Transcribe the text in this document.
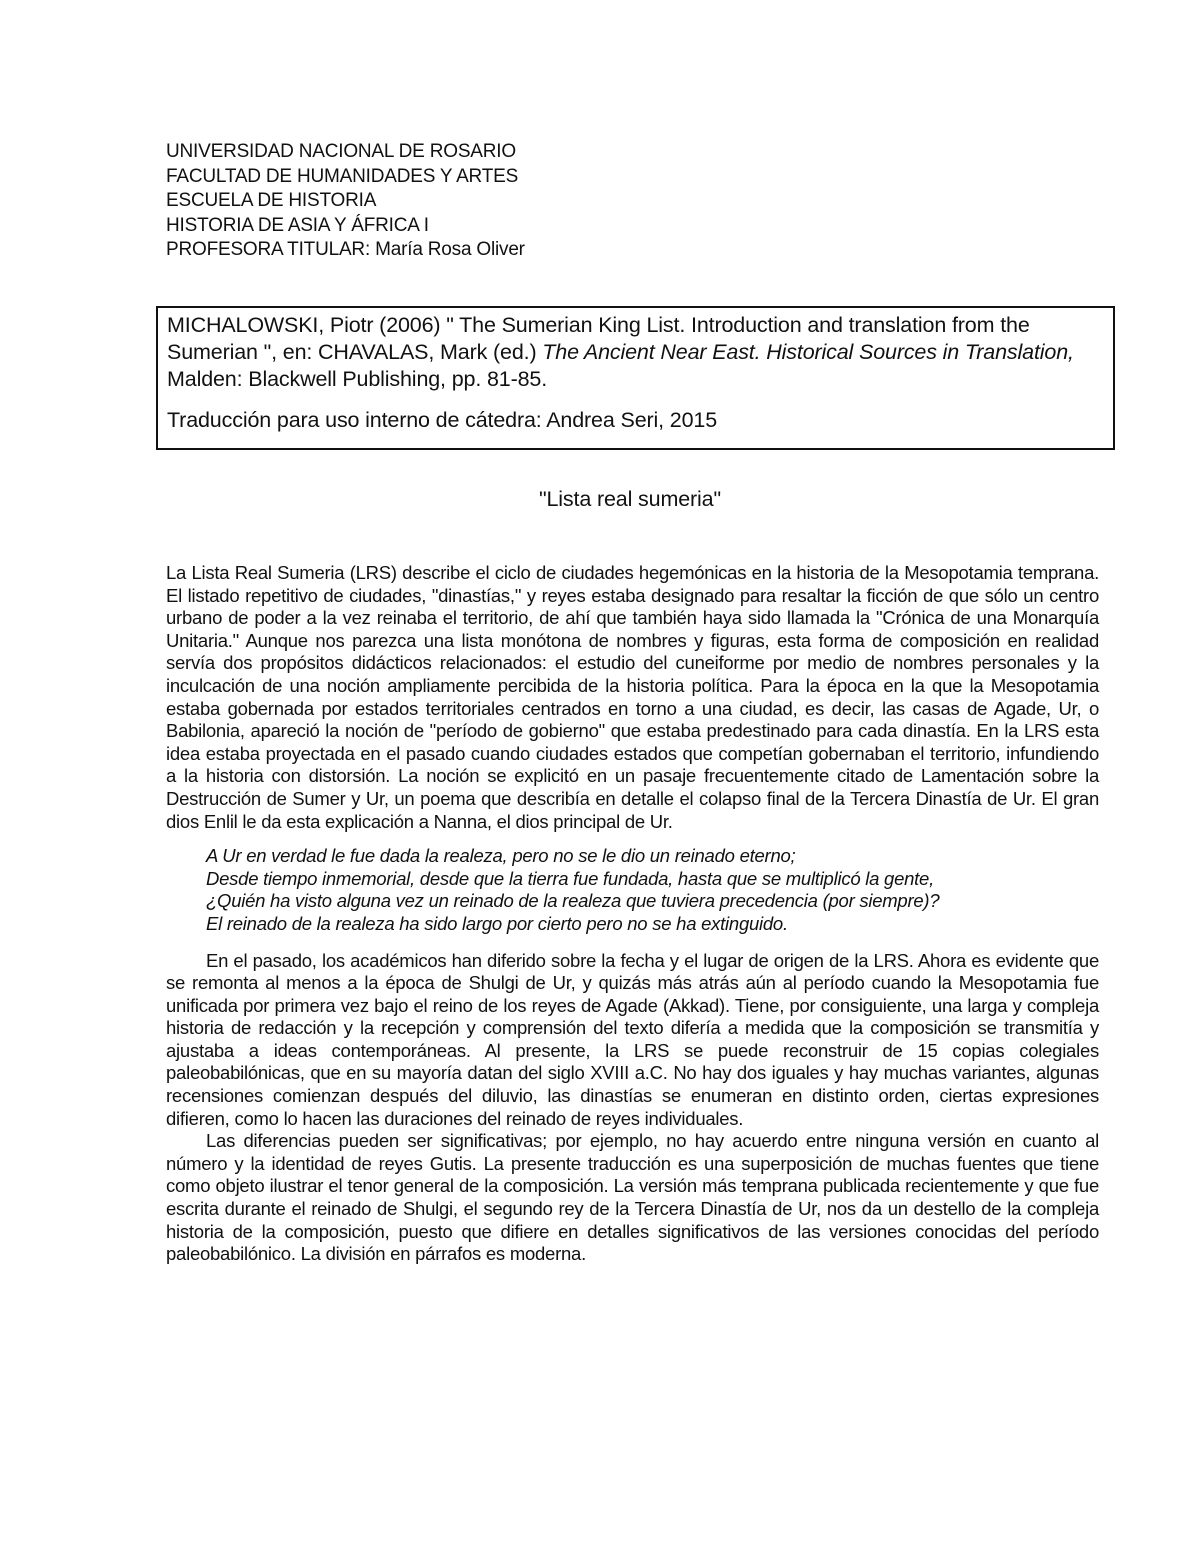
UNIVERSIDAD NACIONAL DE ROSARIO
FACULTAD DE HUMANIDADES Y ARTES
ESCUELA DE HISTORIA
HISTORIA DE ASIA Y ÁFRICA I
PROFESORA TITULAR: María Rosa Oliver

MICHALOWSKI, Piotr (2006) " The Sumerian King List. Introduction and translation from the Sumerian ", en: CHAVALAS, Mark (ed.) The Ancient Near East. Historical Sources in Translation, Malden: Blackwell Publishing, pp. 81-85.

Traducción para uso interno de cátedra: Andrea Seri, 2015

"Lista real sumeria"

La Lista Real Sumeria (LRS) describe el ciclo de ciudades hegemónicas en la historia de la Mesopotamia temprana. El listado repetitivo de ciudades, "dinastías," y reyes estaba designado para resaltar la ficción de que sólo un centro urbano de poder a la vez reinaba el territorio, de ahí que también haya sido llamada la "Crónica de una Monarquía Unitaria." Aunque nos parezca una lista monótona de nombres y figuras, esta forma de composición en realidad servía dos propósitos didácticos relacionados: el estudio del cuneiforme por medio de nombres personales y la inculcación de una noción ampliamente percibida de la historia política. Para la época en la que la Mesopotamia estaba gobernada por estados territoriales centrados en torno a una ciudad, es decir, las casas de Agade, Ur, o Babilonia, apareció la noción de "período de gobierno" que estaba predestinado para cada dinastía. En la LRS esta idea estaba proyectada en el pasado cuando ciudades estados que competían gobernaban el territorio, infundiendo a la historia con distorsión. La noción se explicitó en un pasaje frecuentemente citado de Lamentación sobre la Destrucción de Sumer y Ur, un poema que describía en detalle el colapso final de la Tercera Dinastía de Ur. El gran dios Enlil le da esta explicación a Nanna, el dios principal de Ur.

A Ur en verdad le fue dada la realeza, pero no se le dio un reinado eterno;
Desde tiempo inmemorial, desde que la tierra fue fundada, hasta que se multiplicó la gente,
¿Quién ha visto alguna vez un reinado de la realeza que tuviera precedencia (por siempre)?
El reinado de la realeza ha sido largo por cierto pero no se ha extinguido.

En el pasado, los académicos han diferido sobre la fecha y el lugar de origen de la LRS. Ahora es evidente que se remonta al menos a la época de Shulgi de Ur, y quizás más atrás aún al período cuando la Mesopotamia fue unificada por primera vez bajo el reino de los reyes de Agade (Akkad). Tiene, por consiguiente, una larga y compleja historia de redacción y la recepción y comprensión del texto difería a medida que la composición se transmitía y ajustaba a ideas contemporáneas. Al presente, la LRS se puede reconstruir de 15 copias colegiales paleobabilónicas, que en su mayoría datan del siglo XVIII a.C. No hay dos iguales y hay muchas variantes, algunas recensiones comienzan después del diluvio, las dinastías se enumeran en distinto orden, ciertas expresiones difieren, como lo hacen las duraciones del reinado de reyes individuales.

Las diferencias pueden ser significativas; por ejemplo, no hay acuerdo entre ninguna versión en cuanto al número y la identidad de reyes Gutis. La presente traducción es una superposición de muchas fuentes que tiene como objeto ilustrar el tenor general de la composición. La versión más temprana publicada recientemente y que fue escrita durante el reinado de Shulgi, el segundo rey de la Tercera Dinastía de Ur, nos da un destello de la compleja historia de la composición, puesto que difiere en detalles significativos de las versiones conocidas del período paleobabilónico. La división en párrafos es moderna.
